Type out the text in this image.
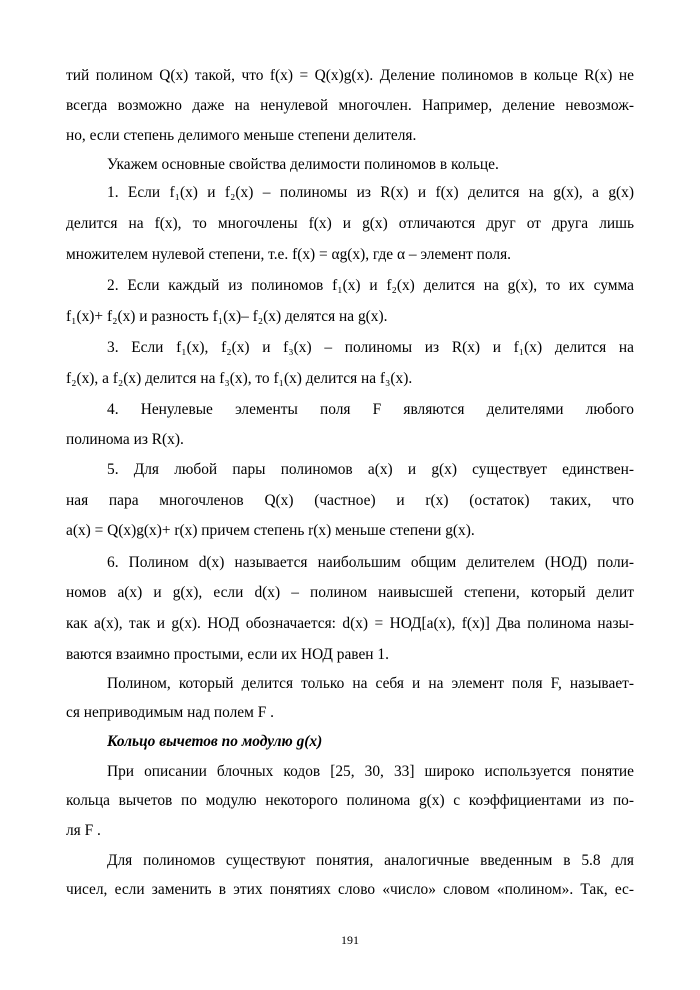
тий полином Q(x) такой, что f(x) = Q(x)g(x). Деление полиномов в кольце R(x) не
всегда возможно даже на ненулевой многочлен. Например, деление невозмож-
но, если степень делимого меньше степени делителя.
Укажем основные свойства делимости полиномов в кольце.
1. Если f₁(x) и f₂(x) – полиномы из R(x) и f(x) делится на g(x), а g(x)
делится на f(x), то многочлены f(x) и g(x) отличаются друг от друга лишь
множителем нулевой степени, т.е. f(x) = αg(x), где α – элемент поля.
2. Если каждый из полиномов f₁(x) и f₂(x) делится на g(x), то их сумма
f₁(x)+ f₂(x) и разность f₁(x)– f₂(x) делятся на g(x).
3. Если f₁(x), f₂(x) и f₃(x) – полиномы из R(x) и f₁(x) делится на
f₂(x), а f₂(x) делится на f₃(x), то f₁(x) делится на f₃(x).
4. Ненулевые элементы поля F являются делителями любого
полинома из R(x).
5. Для любой пары полиномов a(x) и g(x) существует единствен-
ная пара многочленов Q(x) (частное) и r(x) (остаток) таких, что
a(x) = Q(x)g(x)+ r(x) причем степень r(x) меньше степени g(x).
6. Полином d(x) называется наибольшим общим делителем (НОД) поли-
номов a(x) и g(x), если d(x) – полином наивысшей степени, который делит
как a(x), так и g(x). НОД обозначается: d(x) = НОД[a(x), f(x)] Два полинома назы-
ваются взаимно простыми, если их НОД равен 1.
Полином, который делится только на себя и на элемент поля F, называет-
ся неприводимым над полем F .
Кольцо вычетов по модулю g(x)
При описании блочных кодов [25, 30, 33] широко используется понятие
кольца вычетов по модулю некоторого полинома g(x) с коэффициентами из по-
ля F .
Для полиномов существуют понятия, аналогичные введенным в 5.8 для
чисел, если заменить в этих понятиях слово «число» словом «полином». Так, ес-
191
